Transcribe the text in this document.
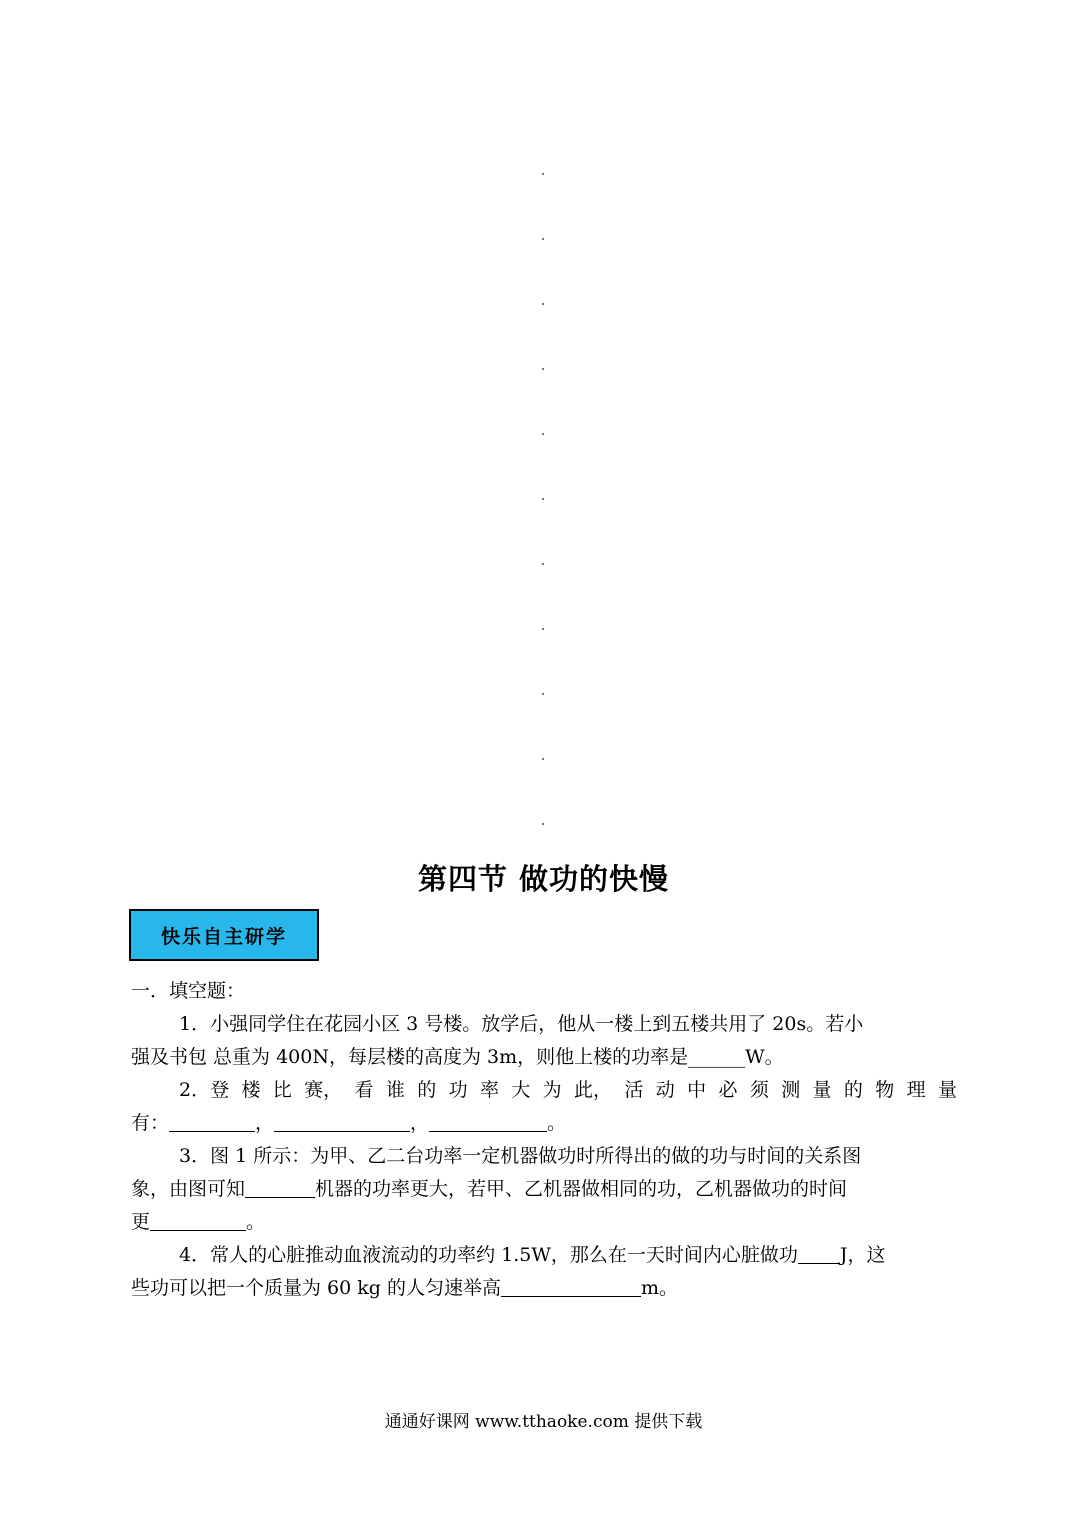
第四节 做功的快慢
快乐自主研学
一．填空题：
1．小强同学住在花园小区 3 号楼。放学后，他从一楼上到五楼共用了 20s。若小
强及书包 总重为 400N，每层楼的高度为 3m，则他上楼的功率是______W。
2．登 楼 比 赛， 看 谁 的 功 率 大 为 此， 活 动 中 必 须 测 量 的 物 理 量
有：	，	，	。
3．图 1 所示：为甲、乙二台功率一定机器做功时所得出的做的功与时间的关系图
象，由图可知	机器的功率更大，若甲、乙机器做相同的功，乙机器做功的时间
更	。
4．常人的心脏推动血液流动的功率约 1.5W，那么在一天时间内心脏做功 J，这
些功可以把一个质量为 60 kg 的人匀速举高	m。
通通好课网 www.tthaoke.com 提供下载
